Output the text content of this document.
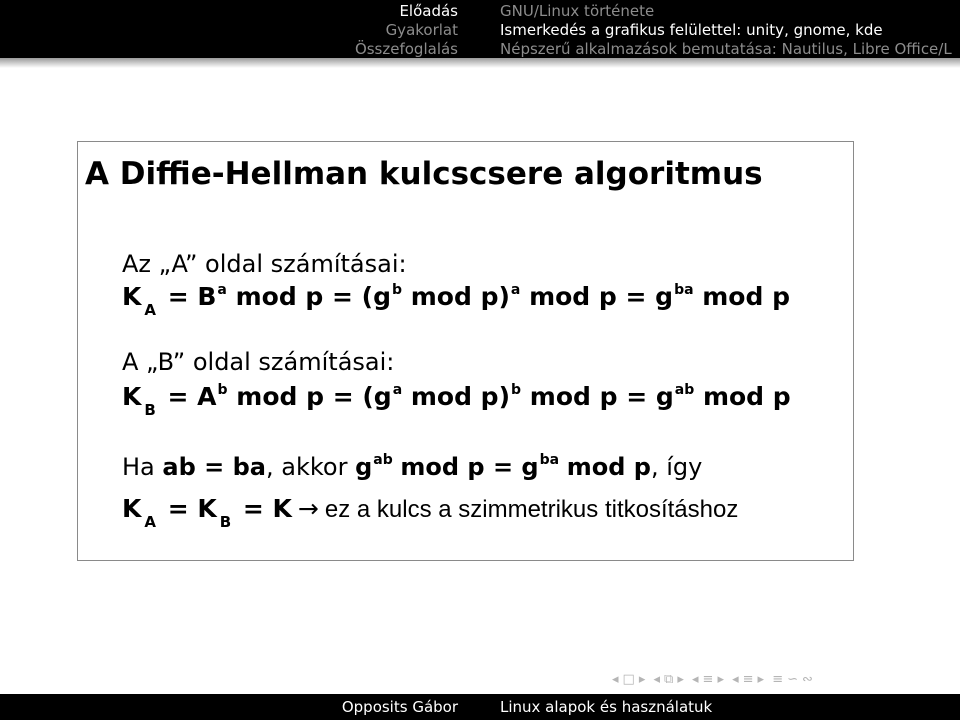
Előadás
Gyakorlat
Összefoglalás
GNU/Linux története
Ismerkedés a grafikus felülettel: unity, gnome, kde
Népszerű alkalmazások bemutatása: Nautilus, Libre Office/L
A Diffie-Hellman kulcscsere algoritmus
Az „A” oldal számításai:
K $_A = B^a$ mod $p = (g^b$ mod p)$^a$ mod $p = g^{ba}$ mod p
A „B” oldal számításai:
K $_B = A^b$ mod $p = (g^a$ mod p)$^b$ mod $p = g^{ab}$ mod p
Ha ab = ba, akkor $g^{ab}$ mod $p = g^{ba}$ mod p, így
K $_A$ = K $_B$ = K → ez a kulcs a szimmetrikus titkosításhoz
◂ □ ▸ ◂ ⧉ ▸ ◂ ≡ ▸ ◂ ≡ ▸ ≡ ∽ ∾
Opposits Gábor	Linux alapok és használatuk
